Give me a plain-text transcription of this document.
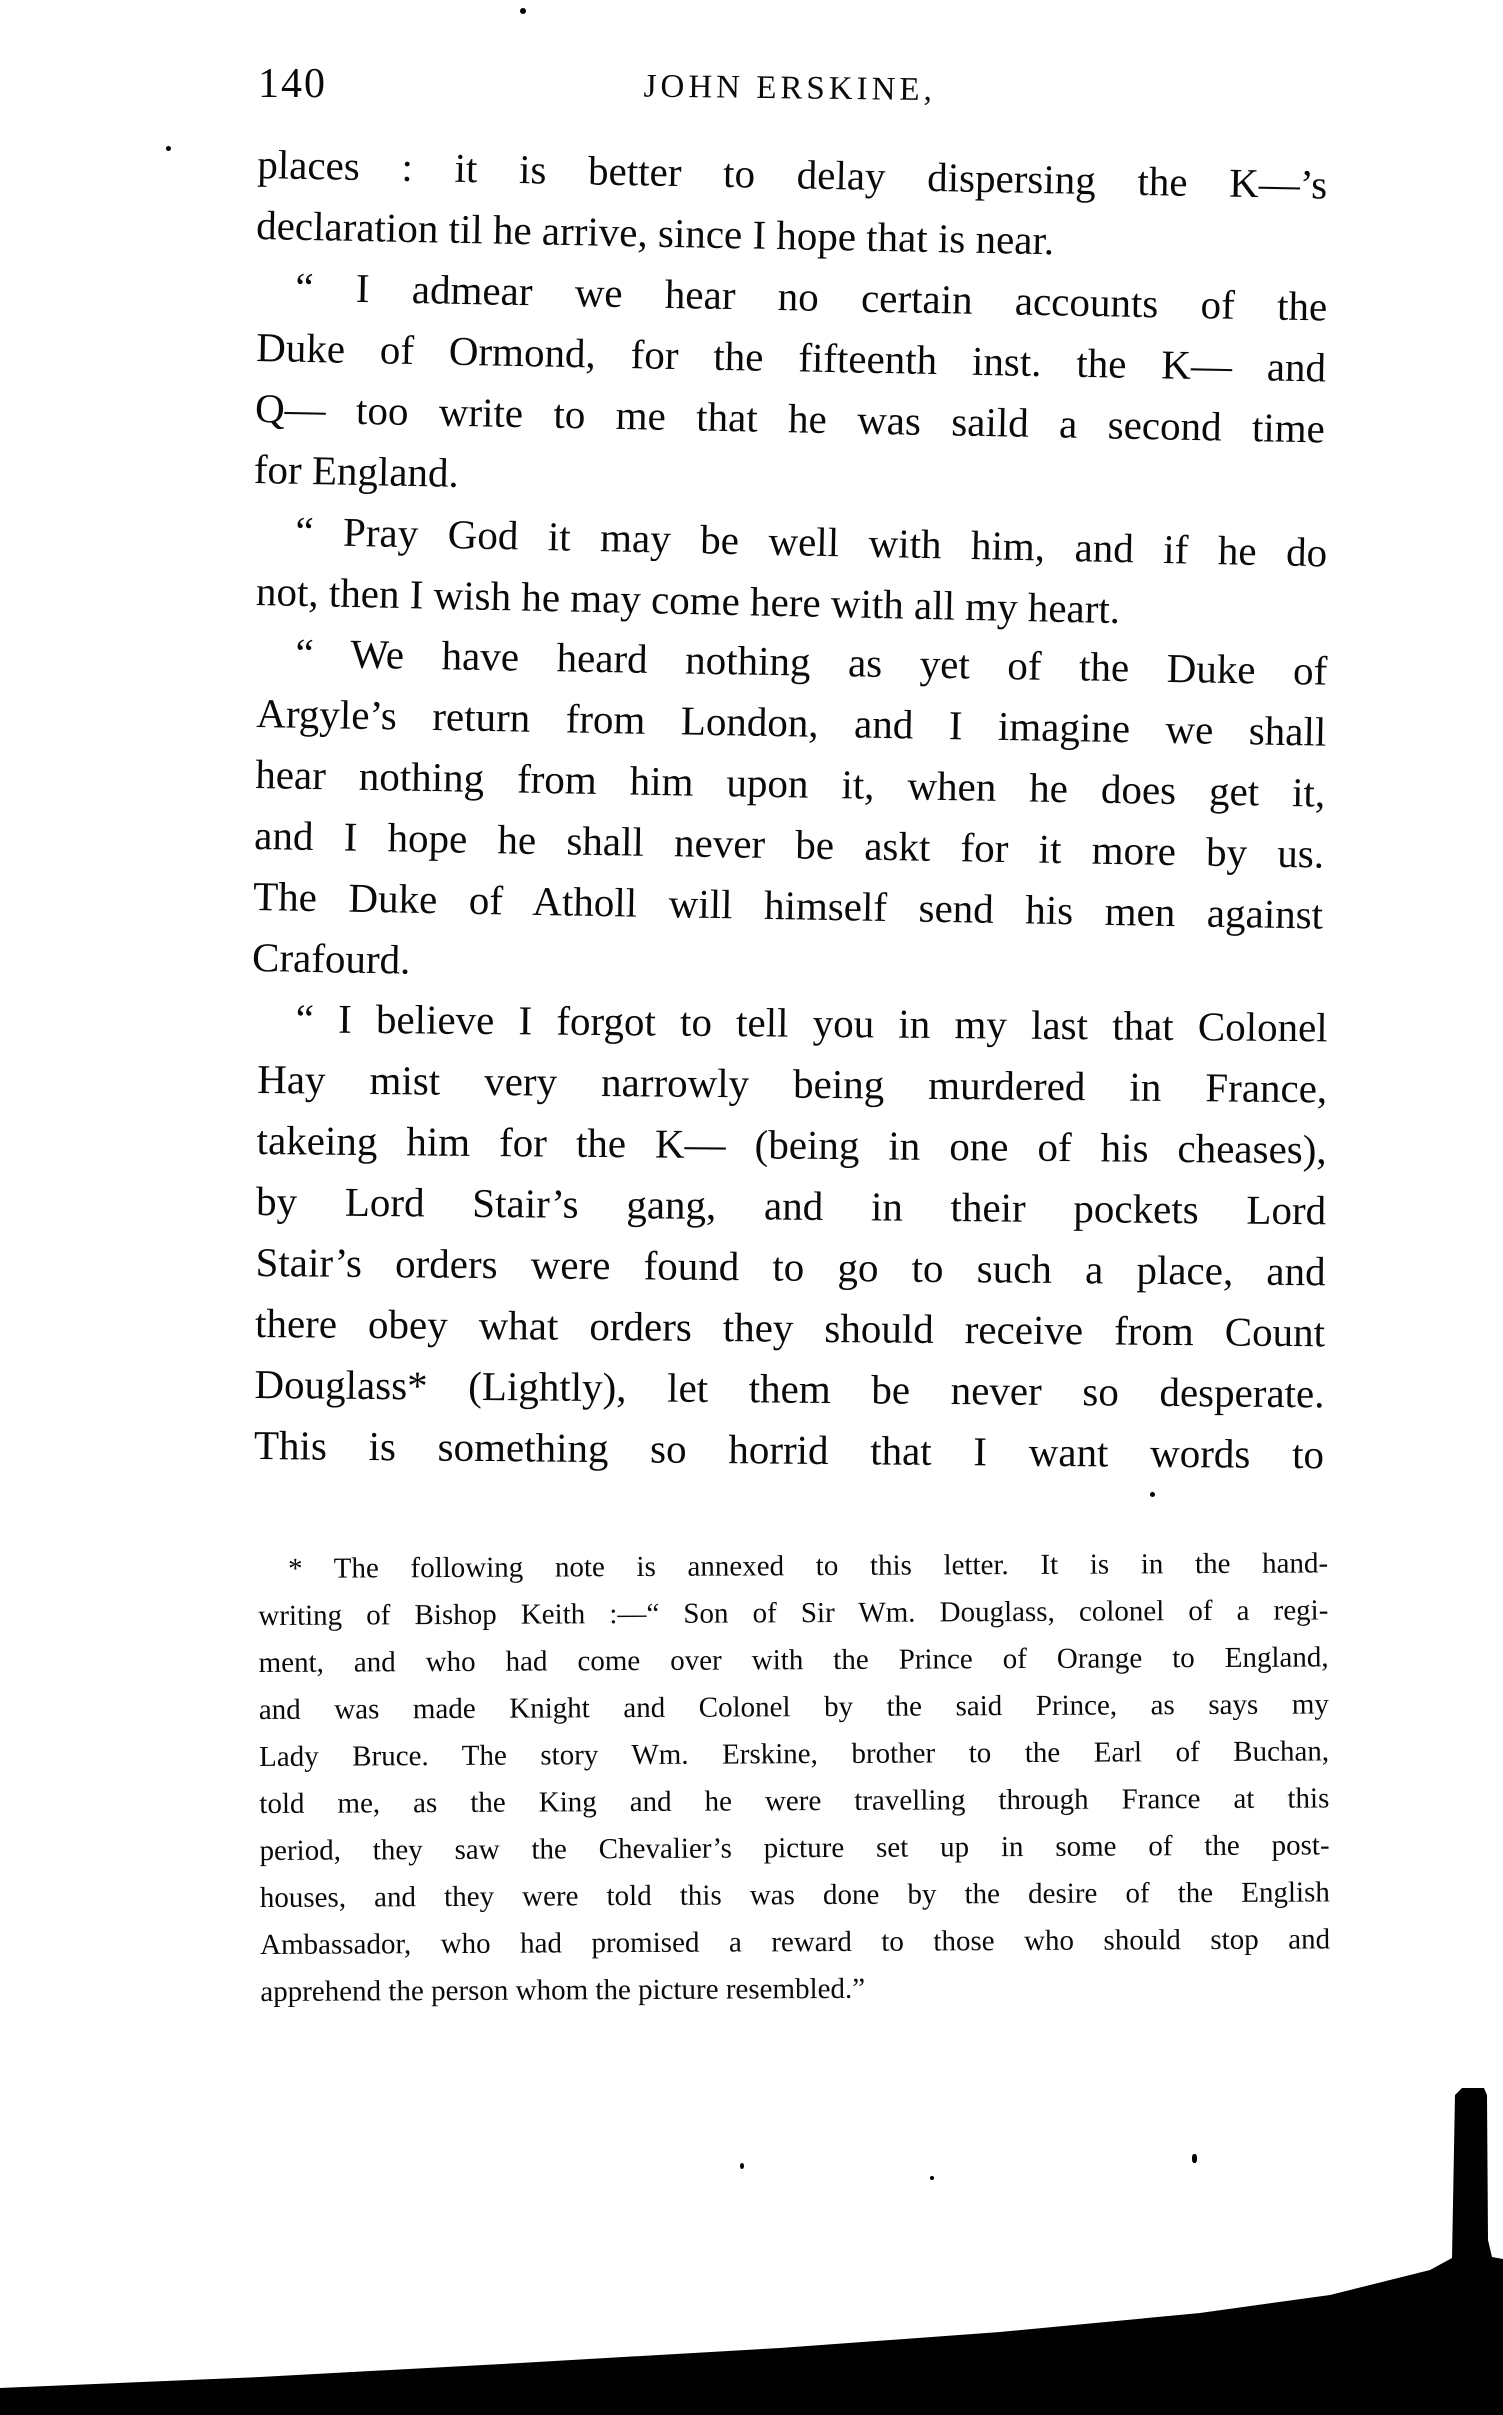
140	JOHN ERSKINE,
places : it is better to delay dispersing the K—’s
declaration til he arrive, since I hope that is near.
“ I admear we hear no certain accounts of the
Duke of Ormond, for the fifteenth inst. the K— and
Q— too write to me that he was saild a second time
for England.
“ Pray God it may be well with him, and if he do
not, then I wish he may come here with all my heart.
“ We have heard nothing as yet of the Duke of
Argyle’s return from London, and I imagine we shall
hear nothing from him upon it, when he does get it,
and I hope he shall never be askt for it more by us.
The Duke of Atholl will himself send his men against
Crafourd.
“ I believe I forgot to tell you in my last that Colonel
Hay mist very narrowly being murdered in France,
takeing him for the K— (being in one of his cheases),
by Lord Stair’s gang, and in their pockets Lord
Stair’s orders were found to go to such a place, and
there obey what orders they should receive from Count
Douglass* (Lightly), let them be never so desperate.
This is something so horrid that I want words to
* The following note is annexed to this letter. It is in the hand-
writing of Bishop Keith :—“ Son of Sir Wm. Douglass, colonel of a regi-
ment, and who had come over with the Prince of Orange to England,
and was made Knight and Colonel by the said Prince, as says my
Lady Bruce. The story Wm. Erskine, brother to the Earl of Buchan,
told me, as the King and he were travelling through France at this
period, they saw the Chevalier’s picture set up in some of the post-
houses, and they were told this was done by the desire of the English
Ambassador, who had promised a reward to those who should stop and
apprehend the person whom the picture resembled.”
